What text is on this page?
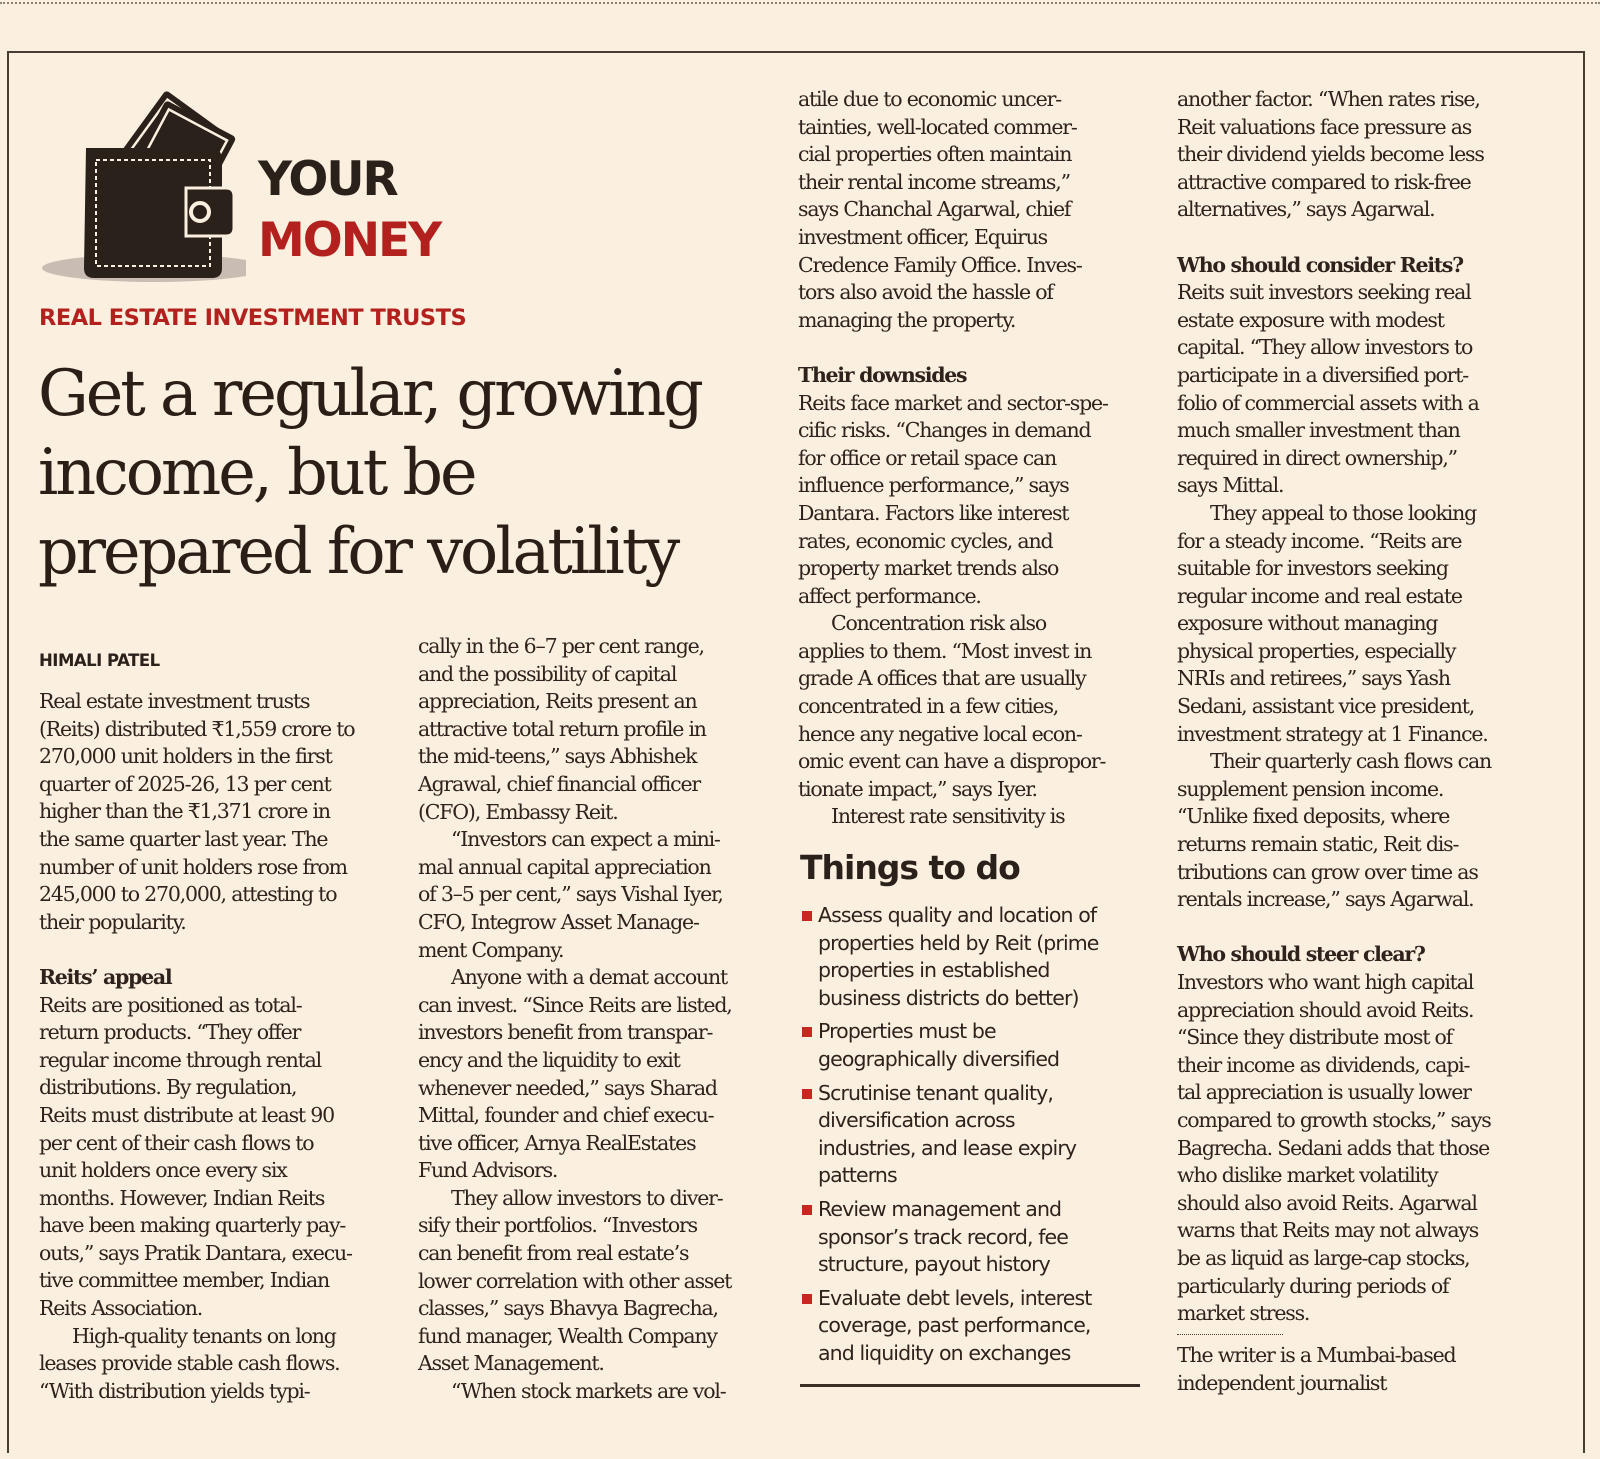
YOUR
MONEY
REAL ESTATE INVESTMENT TRUSTS
Get a regular, growing
income, but be
prepared for volatility
HIMALI PATEL
Real estate investment trusts
(Reits) distributed ₹1,559 crore to
270,000 unit holders in the first
quarter of 2025-26, 13 per cent
higher than the ₹1,371 crore in
the same quarter last year. The
number of unit holders rose from
245,000 to 270,000, attesting to
their popularity.
Reits’ appeal
Reits are positioned as total-
return products. “They offer
regular income through rental
distributions. By regulation,
Reits must distribute at least 90
per cent of their cash flows to
unit holders once every six
months. However, Indian Reits
have been making quarterly pay-
outs,” says Pratik Dantara, execu-
tive committee member, Indian
Reits Association.
High-quality tenants on long
leases provide stable cash flows.
“With distribution yields typi-
cally in the 6–7 per cent range,
and the possibility of capital
appreciation, Reits present an
attractive total return profile in
the mid-teens,” says Abhishek
Agrawal, chief financial officer
(CFO), Embassy Reit.
“Investors can expect a mini-
mal annual capital appreciation
of 3–5 per cent,” says Vishal Iyer,
CFO, Integrow Asset Manage-
ment Company.
Anyone with a demat account
can invest. “Since Reits are listed,
investors benefit from transpar-
ency and the liquidity to exit
whenever needed,” says Sharad
Mittal, founder and chief execu-
tive officer, Arnya RealEstates
Fund Advisors.
They allow investors to diver-
sify their portfolios. “Investors
can benefit from real estate’s
lower correlation with other asset
classes,” says Bhavya Bagrecha,
fund manager, Wealth Company
Asset Management.
“When stock markets are vol-
atile due to economic uncer-
tainties, well-located commer-
cial properties often maintain
their rental income streams,”
says Chanchal Agarwal, chief
investment officer, Equirus
Credence Family Office. Inves-
tors also avoid the hassle of
managing the property.
Their downsides
Reits face market and sector-spe-
cific risks. “Changes in demand
for office or retail space can
influence performance,” says
Dantara. Factors like interest
rates, economic cycles, and
property market trends also
affect performance.
Concentration risk also
applies to them. “Most invest in
grade A offices that are usually
concentrated in a few cities,
hence any negative local econ-
omic event can have a dispropor-
tionate impact,” says Iyer.
Interest rate sensitivity is
Things to do
Assess quality and location of
properties held by Reit (prime
properties in established
business districts do better)
Properties must be
geographically diversified
Scrutinise tenant quality,
diversification across
industries, and lease expiry
patterns
Review management and
sponsor’s track record, fee
structure, payout history
Evaluate debt levels, interest
coverage, past performance,
and liquidity on exchanges
another factor. “When rates rise,
Reit valuations face pressure as
their dividend yields become less
attractive compared to risk-free
alternatives,” says Agarwal.
Who should consider Reits?
Reits suit investors seeking real
estate exposure with modest
capital. “They allow investors to
participate in a diversified port-
folio of commercial assets with a
much smaller investment than
required in direct ownership,”
says Mittal.
They appeal to those looking
for a steady income. “Reits are
suitable for investors seeking
regular income and real estate
exposure without managing
physical properties, especially
NRIs and retirees,” says Yash
Sedani, assistant vice president,
investment strategy at 1 Finance.
Their quarterly cash flows can
supplement pension income.
“Unlike fixed deposits, where
returns remain static, Reit dis-
tributions can grow over time as
rentals increase,” says Agarwal.
Who should steer clear?
Investors who want high capital
appreciation should avoid Reits.
“Since they distribute most of
their income as dividends, capi-
tal appreciation is usually lower
compared to growth stocks,” says
Bagrecha. Sedani adds that those
who dislike market volatility
should also avoid Reits. Agarwal
warns that Reits may not always
be as liquid as large-cap stocks,
particularly during periods of
market stress.
The writer is a Mumbai-based
independent journalist
